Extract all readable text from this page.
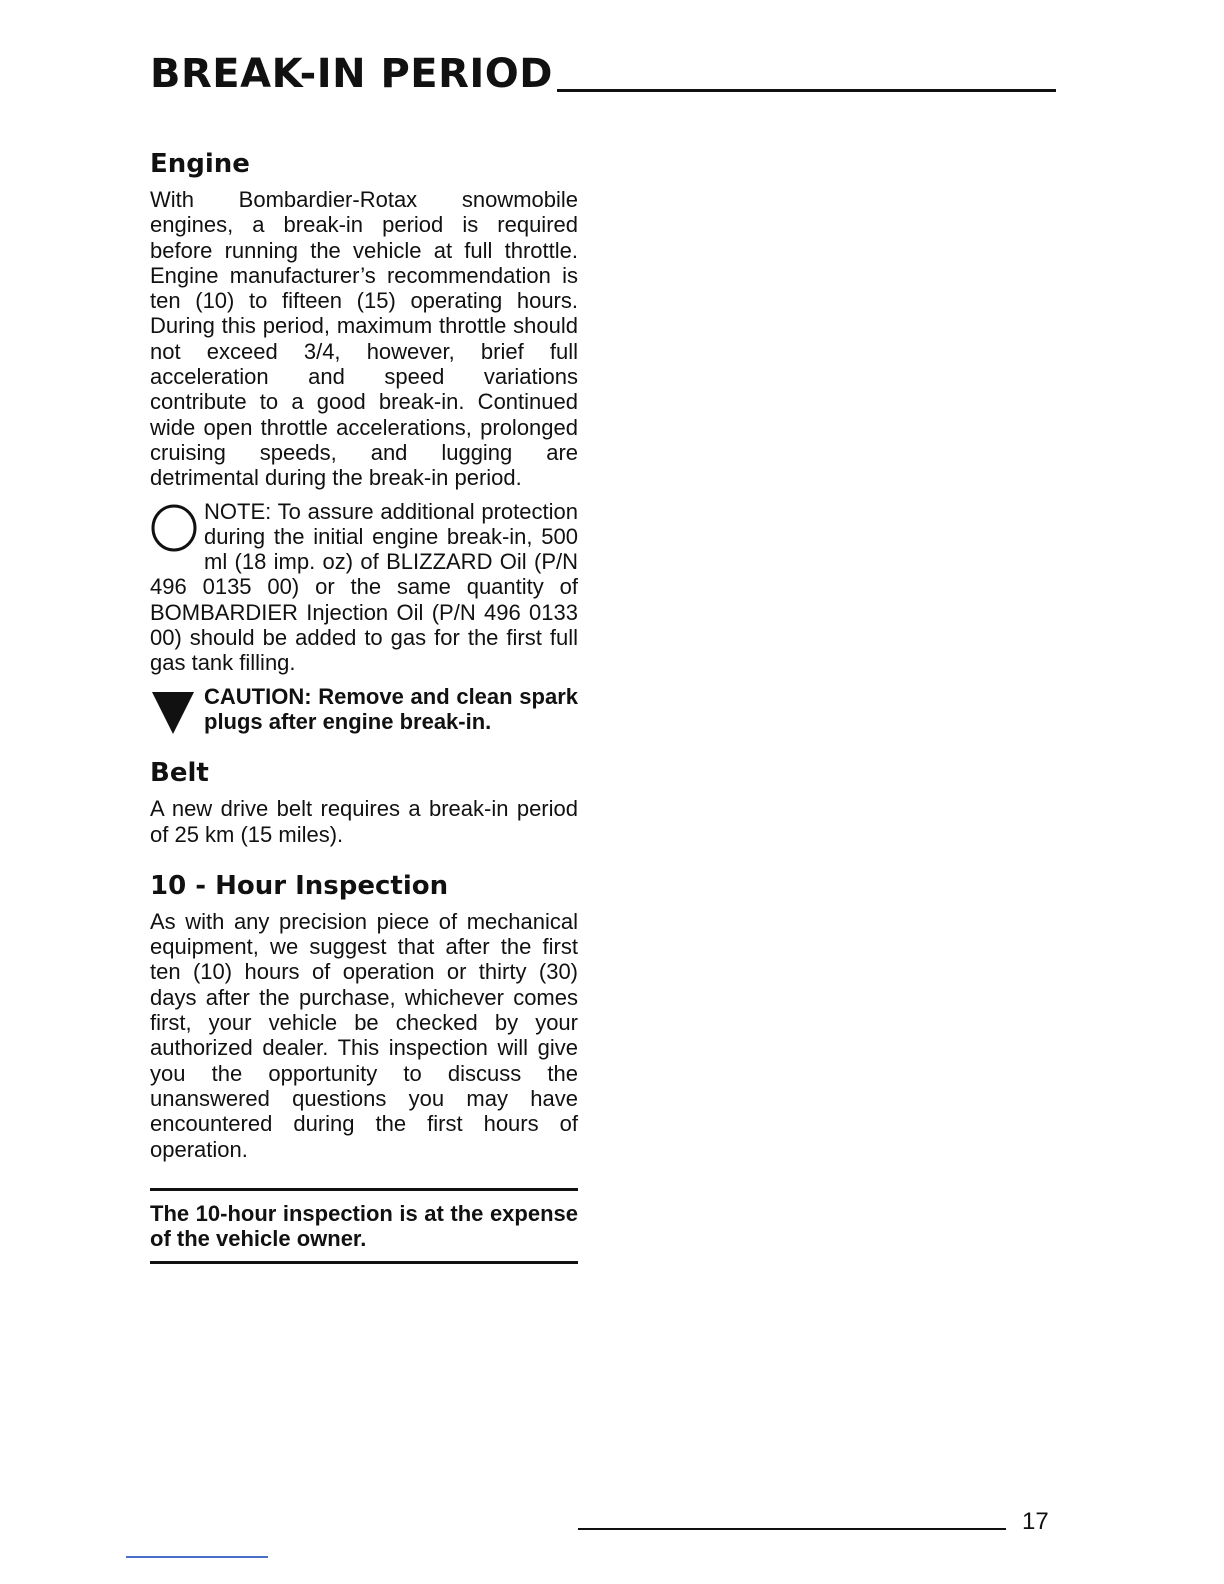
BREAK-IN PERIOD
Engine

With Bombardier-Rotax snowmobile engines, a break-in period is required before running the vehicle at full throttle. Engine manufacturer’s recommendation is ten (10) to fifteen (15) operating hours. During this period, maximum throttle should not exceed 3/4, however, brief full acceleration and speed variations contribute to a good break-in. Continued wide open throttle accelerations, prolonged cruising speeds, and lugging are detrimental during the break-in period.

NOTE: To assure additional protection during the initial engine break-in, 500 ml (18 imp. oz) of BLIZZARD Oil (P/N 496 0135 00) or the same quantity of BOMBARDIER Injection Oil (P/N 496 0133 00) should be added to gas for the first full gas tank filling.

CAUTION: Remove and clean spark plugs after engine break-in.

Belt

A new drive belt requires a break-in period of 25 km (15 miles).

10 - Hour Inspection

As with any precision piece of mechanical equipment, we suggest that after the first ten (10) hours of operation or thirty (30) days after the purchase, whichever comes first, your vehicle be checked by your authorized dealer. This inspection will give you the opportunity to discuss the unanswered questions you may have encountered during the first hours of operation.

The 10-hour inspection is at the expense of the vehicle owner.

17
